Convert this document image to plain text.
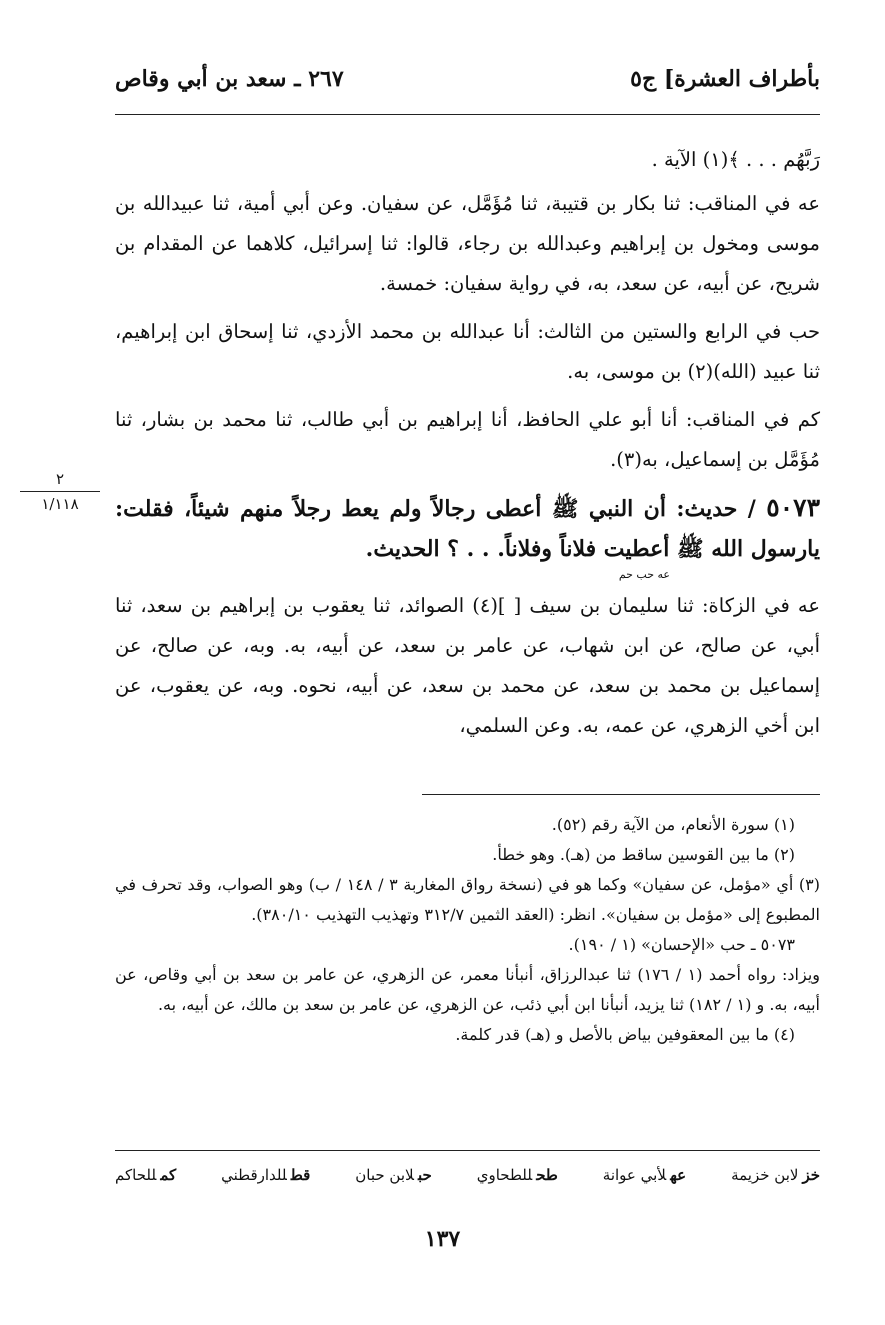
٢٦٧ ـ سعد بن أبي وقاص	بأطراف العشرة] ج٥
٢
١/١١٨

رَبَّهُم . . . ﴾(١) الآية .

عه في المناقب: ثنا بكار بن قتيبة، ثنا مُؤَمَّل، عن سفيان. وعن أبي أمية، ثنا عبيدالله بن موسى ومخول بن إبراهيم وعبدالله بن رجاء، قالوا: ثنا إسرائيل، كلاهما عن المقدام بن شريح، عن أبيه، عن سعد، به، في رواية سفيان: خمسة.

حب في الرابع والستين من الثالث: أنا عبدالله بن محمد الأزدي، ثنا إسحاق ابن إبراهيم، ثنا عبيد (الله)(٢) بن موسى، به.

كم في المناقب: أنا أبو علي الحافظ، أنا إبراهيم بن أبي طالب، ثنا محمد بن بشار، ثنا مُؤَمَّل بن إسماعيل، به(٣).

٥٠٧٣ / حديث: أن النبي ﷺ أعطى رجالاً ولم يعط رجلاً منهم شيئاً، فقلت: يارسول الله ﷺ أعطيت فلاناً وفلاناً. . . ؟ الحديث.

عه حب حم

عه في الزكاة: ثنا سليمان بن سيف [ ](٤) الصوائد، ثنا يعقوب بن إبراهيم بن سعد، ثنا أبي، عن صالح، عن ابن شهاب، عن عامر بن سعد، عن أبيه، به. وبه، عن صالح، عن إسماعيل بن محمد بن سعد، عن محمد بن سعد، عن أبيه، نحوه. وبه، عن يعقوب، عن ابن أخي الزهري، عن عمه، به. وعن السلمي،

(١) سورة الأنعام، من الآية رقم (٥٢).

(٢) ما بين القوسين ساقط من (هـ). وهو خطأ.

(٣) أي «مؤمل، عن سفيان» وكما هو في (نسخة رواق المغاربة ٣ / ١٤٨ / ب) وهو الصواب، وقد تحرف في المطبوع إلى «مؤمل بن سفيان». انظر: (العقد الثمين ٣١٢/٧ وتهذيب التهذيب ٣٨٠/١٠).

٥٠٧٣ ـ حب «الإحسان» (١ / ١٩٠).

ويزاد: رواه أحمد (١ / ١٧٦) ثنا عبدالرزاق، أنبأنا معمر، عن الزهري، عن عامر بن سعد بن أبي وقاص، عن أبيه، به. و (١ / ١٨٢) ثنا يزيد، أنبأنا ابن أبي ذئب، عن الزهري، عن عامر بن سعد بن مالك، عن أبيه، به.

(٤) ما بين المعقوفين بياض بالأصل و (هـ) قدر كلمة.

خزلابن خزيمة
عهلأبي عوانة
طحللطحاوي
حبلابن حبان
قطللدارقطني
كمللحاكم
١٣٧
